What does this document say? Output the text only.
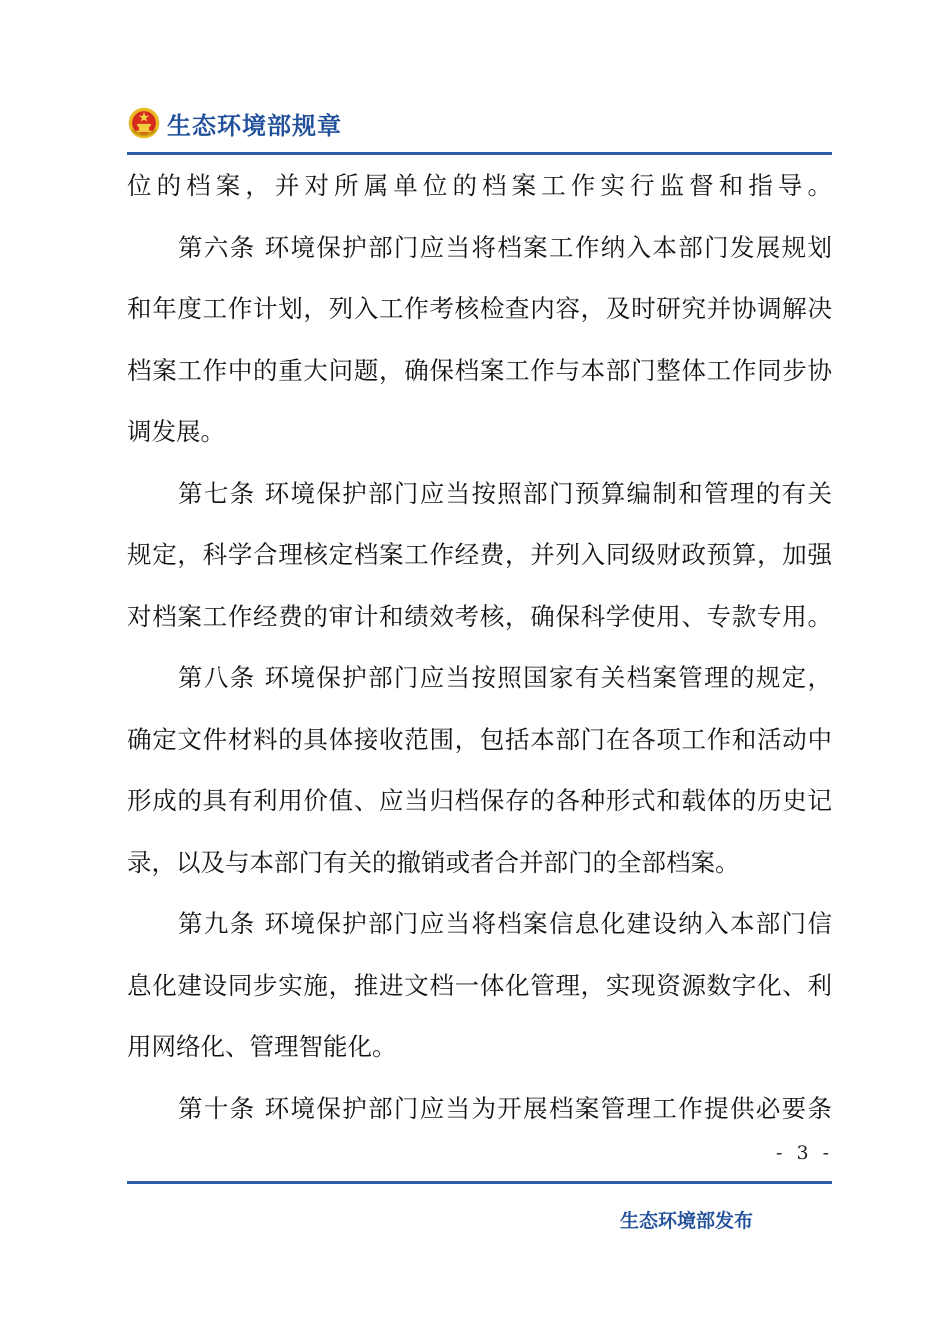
生态环境部规章
位的档案，并对所属单位的档案工作实行监督和指导。
第六条 环境保护部门应当将档案工作纳入本部门发展规划
和年度工作计划，列入工作考核检查内容，及时研究并协调解决
档案工作中的重大问题，确保档案工作与本部门整体工作同步协
调发展。
第七条 环境保护部门应当按照部门预算编制和管理的有关
规定，科学合理核定档案工作经费，并列入同级财政预算，加强
对档案工作经费的审计和绩效考核，确保科学使用、专款专用。
第八条 环境保护部门应当按照国家有关档案管理的规定，
确定文件材料的具体接收范围，包括本部门在各项工作和活动中
形成的具有利用价值、应当归档保存的各种形式和载体的历史记
录，以及与本部门有关的撤销或者合并部门的全部档案。
第九条 环境保护部门应当将档案信息化建设纳入本部门信
息化建设同步实施，推进文档一体化管理，实现资源数字化、利
用网络化、管理智能化。
第十条 环境保护部门应当为开展档案管理工作提供必要条
- 3 -
生态环境部发布
